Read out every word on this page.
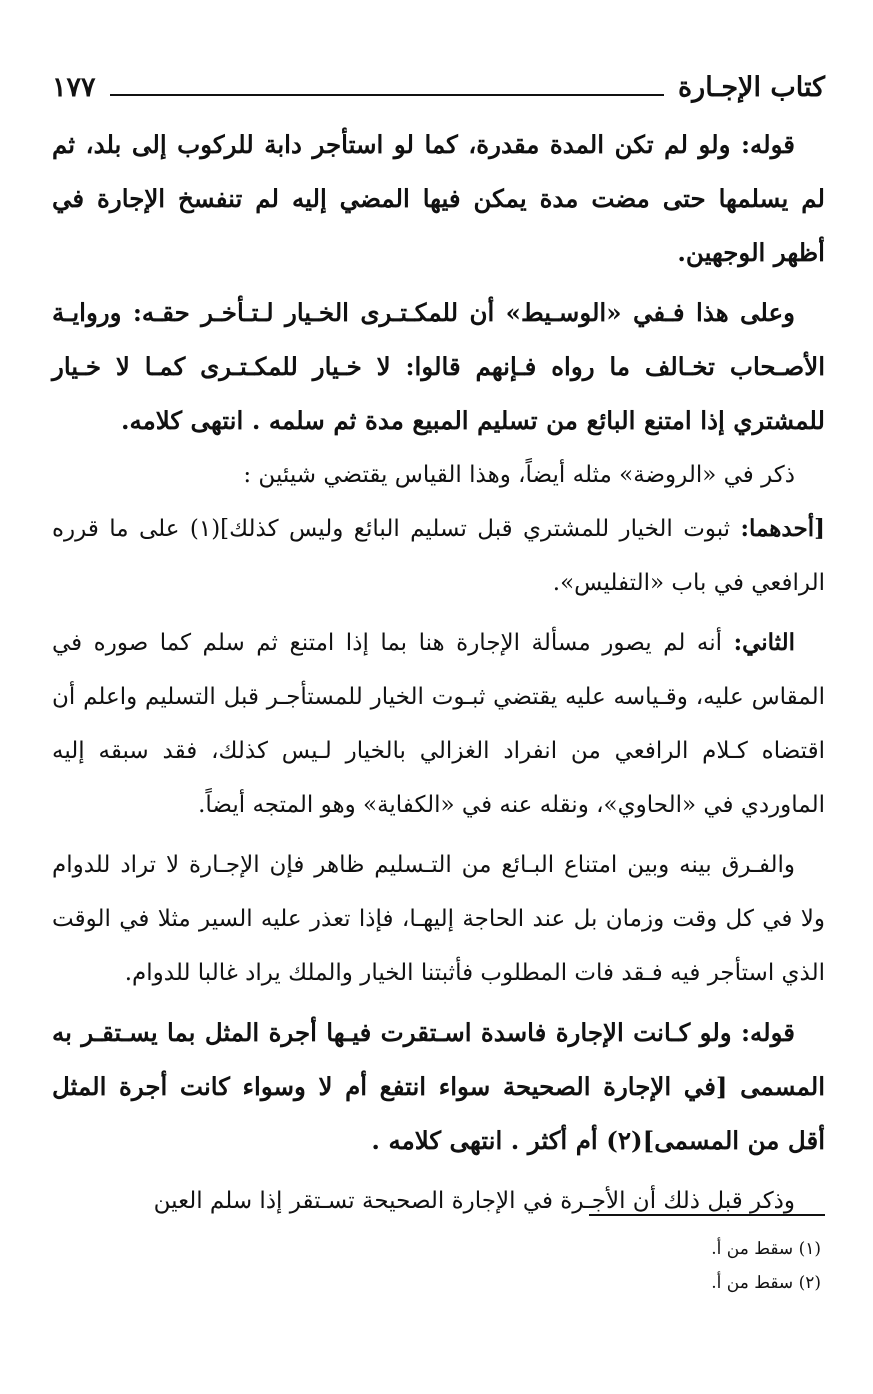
كتاب الإجـارة
١٧٧

قوله: ولو لم تكن المدة مقدرة، كما لو استأجر دابة للركوب إلى بلد، ثم لم يسلمها حتى مضت مدة يمكن فيها المضي إليه لم تنفسخ الإجارة في أظهر الوجهين.

وعلى هذا فـفي «الوسـيط» أن للمكـتـرى الخـيار لـتـأخـر حقـه: وروايـة الأصـحاب تخـالف ما رواه فـإنهم قالوا: لا خـيار للمكـتـرى كمـا لا خـيار للمشتري إذا امتنع البائع من تسليم المبيع مدة ثم سلمه . انتهى كلامه.

ذكر في «الروضة» مثله أيضاً، وهذا القياس يقتضي شيئين :

[أحدهما: ثبوت الخيار للمشتري قبل تسليم البائع وليس كذلك](١) على ما قرره الرافعي في باب «التفليس».

الثاني: أنه لم يصور مسألة الإجارة هنا بما إذا امتنع ثم سلم كما صوره في المقاس عليه، وقـياسه عليه يقتضي ثبـوت الخيار للمستأجـر قبل التسليم واعلم أن اقتضاه كـلام الرافعي من انفراد الغزالي بالخيار لـيس كذلك، فقد سبقه إليه الماوردي في «الحاوي»، ونقله عنه في «الكفاية» وهو المتجه أيضاً.

والفـرق بينه وبين امتناع البـائع من التـسليم ظاهر فإن الإجـارة لا تراد للدوام ولا في كل وقت وزمان بل عند الحاجة إليهـا، فإذا تعذر عليه السير مثلا في الوقت الذي استأجر فيه فـقد فات المطلوب فأثبتنا الخيار والملك يراد غالبا للدوام.

قوله: ولو كـانت الإجارة فاسدة اسـتقرت فيـها أجرة المثل بما يسـتقـر به المسمى [في الإجارة الصحيحة سواء انتفع أم لا وسواء كانت أجرة المثل أقل من المسمى](٢) أم أكثر . انتهى كلامه .

وذكر قبل ذلك أن الأجـرة في الإجارة الصحيحة تسـتقر إذا سلم العين

(١) سقط من أ.

(٢) سقط من أ.
